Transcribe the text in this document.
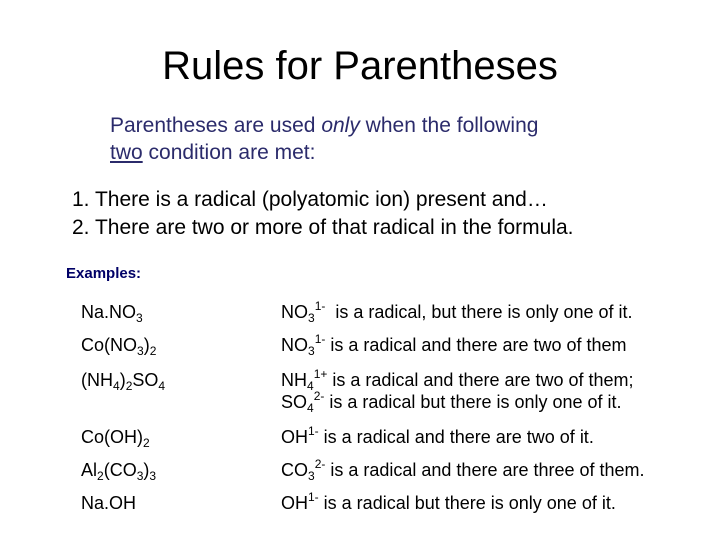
Rules for Parentheses
Parentheses are used only when the following
two condition are met:
1. There is a radical (polyatomic ion) present and…
2. There are two or more of that radical in the formula.
Examples:
$Na.NO_3$	$NO_3^{1-}$  is a radical, but there is only one of it.
$Co(NO_3)_2$	$NO_3^{1-}$ is a radical and there are two of them
$(NH_4)_2SO_4$	$NH_4^{1+}$ is a radical and there are two of them;
$SO_4^{2-}$ is a radical but there is only one of it.
$Co(OH)_2$	$OH^{1-}$ is a radical and there are two of it.
$Al_2(CO_3)_3$	$CO_3^{2-}$ is a radical and there are three of them.
Na.OH	$OH^{1-}$ is a radical but there is only one of it.
